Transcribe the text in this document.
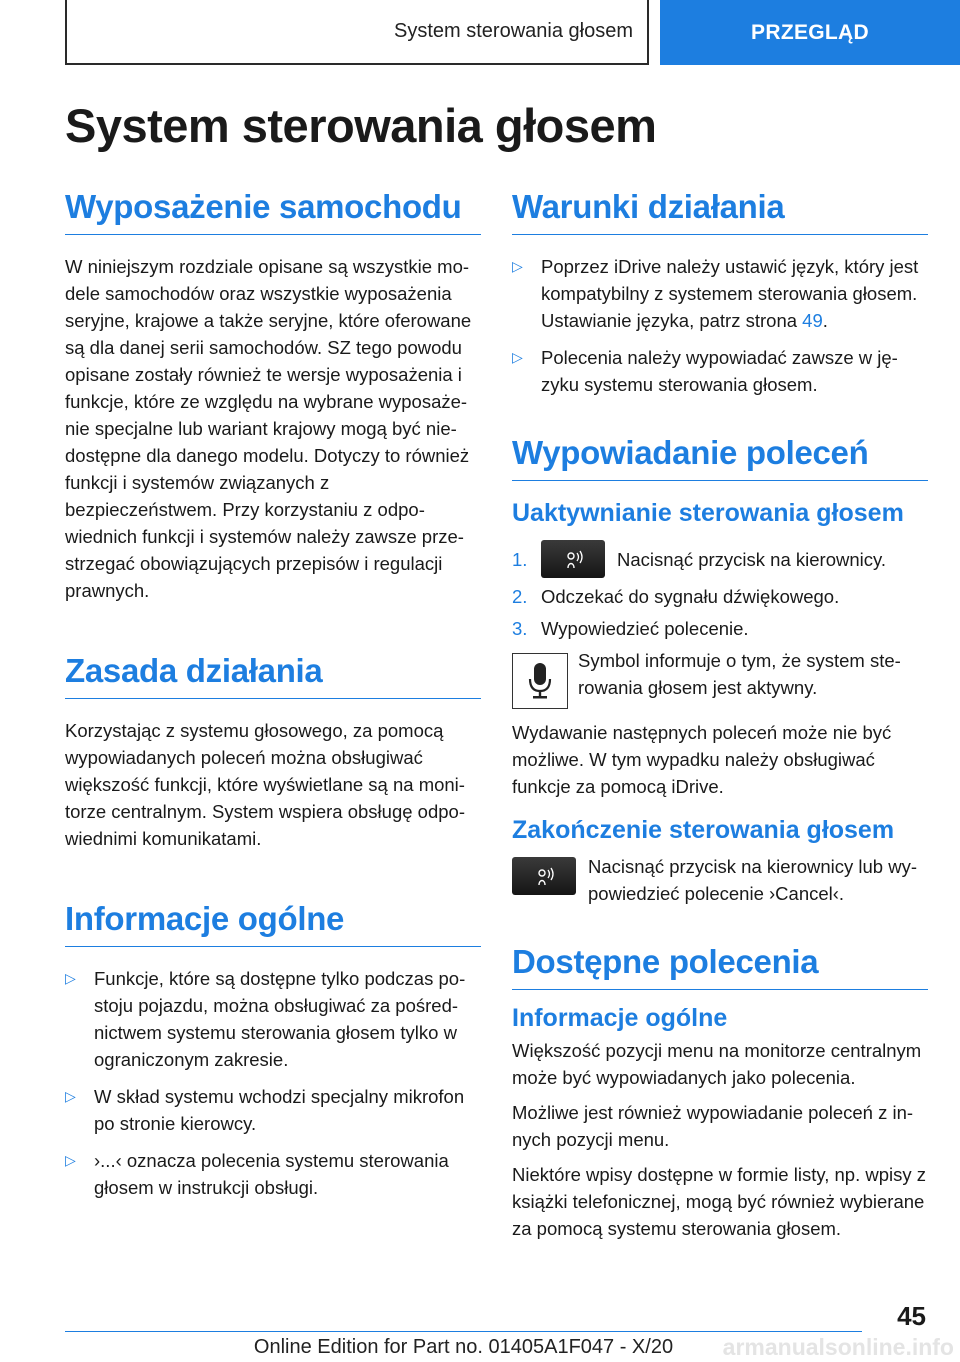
System sterowania głosem	PRZEGLĄD
System sterowania głosem
Wyposażenie samochodu

W niniejszym rozdziale opisane są wszystkie modele samochodów oraz wszystkie wyposażenia seryjne, krajowe a także seryjne, które oferowane są dla danej serii samochodów. SZ tego powodu opisane zostały również te wersje wyposażenia i funkcje, które ze względu na wybrane wyposażenie specjalne lub wariant krajowy mogą być niedostępne dla danego modelu. Dotyczy to również funkcji i systemów związanych z bezpieczeństwem. Przy korzystaniu z odpowiednich funkcji i systemów należy zawsze przestrzegać obowiązujących przepisów i regulacji prawnych.

Zasada działania

Korzystając z systemu głosowego, za pomocą wypowiadanych poleceń można obsługiwać większość funkcji, które wyświetlane są na monitorze centralnym. System wspiera obsługę odpowiednimi komunikatami.

Informacje ogólne
▷ Funkcje, które są dostępne tylko podczas postoju pojazdu, można obsługiwać za pośrednictwem systemu sterowania głosem tylko w ograniczonym zakresie.
▷ W skład systemu wchodzi specjalny mikrofon po stronie kierowcy.
▷ ›...‹ oznacza polecenia systemu sterowania głosem w instrukcji obsługi.
Warunki działania
▷ Poprzez iDrive należy ustawić język, który jest kompatybilny z systemem sterowania głosem. Ustawianie języka, patrz strona 49.
▷ Polecenia należy wypowiadać zawsze w języku systemu sterowania głosem.
Wypowiadanie poleceń
Uaktywnianie sterowania głosem
1.	Nacisnąć przycisk na kierownicy.
2. Odczekać do sygnału dźwiękowego.
3. Wypowiedzieć polecenie.

Symbol informuje o tym, że system sterowania głosem jest aktywny.

Wydawanie następnych poleceń może nie być możliwe. W tym wypadku należy obsługiwać funkcje za pomocą iDrive.

Zakończenie sterowania głosem

Nacisnąć przycisk na kierownicy lub wypowiedzieć polecenie ›Cancel‹.

Dostępne polecenia
Informacje ogólne

Większość pozycji menu na monitorze centralnym może być wypowiadanych jako polecenia.

Możliwe jest również wypowiadanie poleceń z innych pozycji menu.

Niektóre wpisy dostępne w formie listy, np. wpisy z książki telefonicznej, mogą być również wybierane za pomocą systemu sterowania głosem.

45
Online Edition for Part no. 01405A1F047 - X/20	armanualsonline.info
